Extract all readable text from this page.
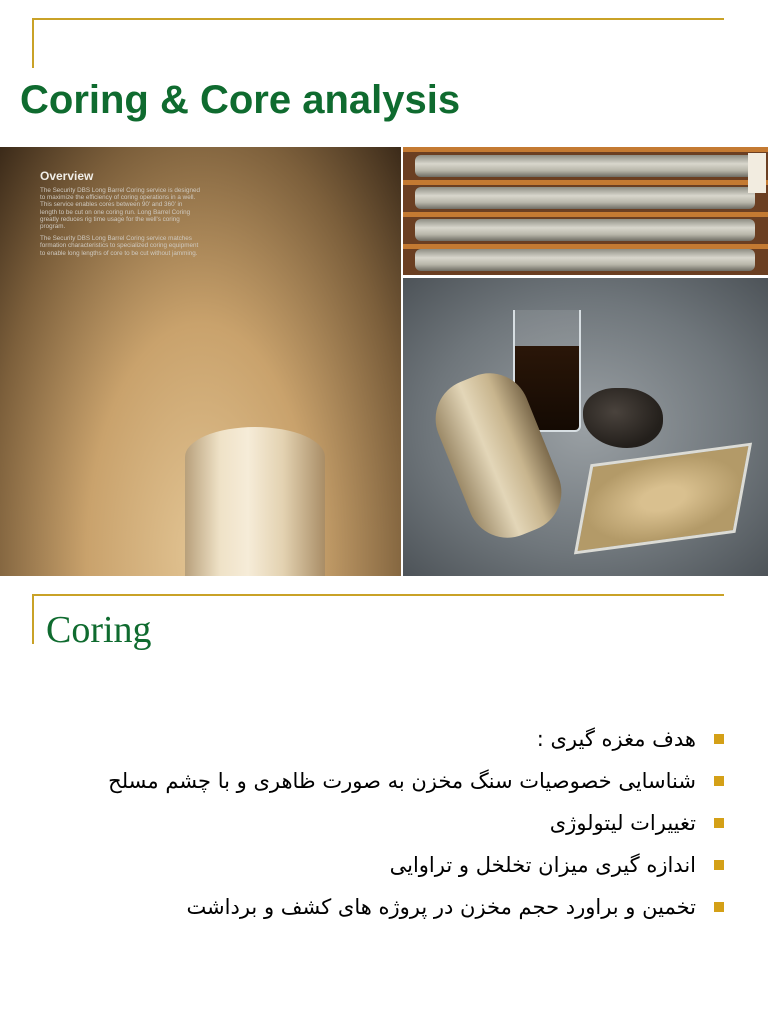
Coring & Core analysis
Overview

The Security DBS Long Barrel Coring service is designed to maximize the efficiency of coring operations in a well. This service enables cores between 90' and 360' in length to be cut on one coring run. Long Barrel Coring greatly reduces rig time usage for the well's coring program.

The Security DBS Long Barrel Coring service matches formation characteristics to specialized coring equipment to enable long lengths of core to be cut without jamming.

Coring
هدف مغزه گیری :
شناسایی خصوصیات سنگ مخزن به صورت ظاهری و با چشم مسلح
تغییرات لیتولوژی
اندازه گیری میزان تخلخل و تراوایی
تخمین و براورد حجم مخزن در پروژه های کشف و برداشت
